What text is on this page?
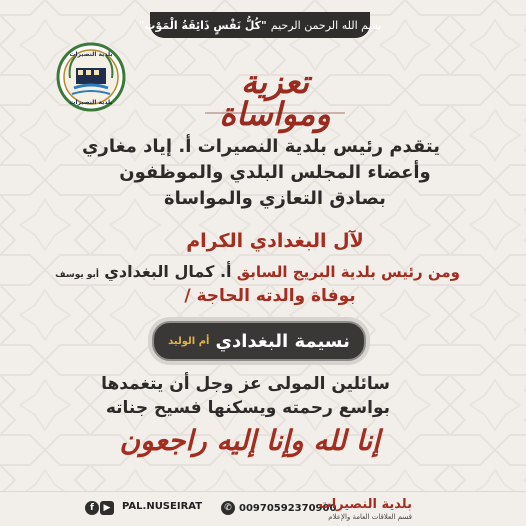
بسم الله الرحمن الرحيم
"كُلُّ نَفْسٍ ذَائِقَةُ الْمَوْتِ"
بلدية النصيرات
بلدية النصيرات
تعزية ومواساة
يتقدم رئيس بلدية النصيرات أ. إياد مغاري
وأعضاء المجلس البلدي والموظفون
بصادق التعازي والمواساة
لآل البغدادي الكرام
ومن رئيس بلدية البريج السابق أ. كمال البغدادي أبو يوسف
بوفاة والدته الحاجة /
نسيمة البغدادي
أم الوليد
سائلين المولى عز وجل أن يتغمدها
بواسع رحمته ويسكنها فسيح جناته
إنا لله وإنا إليه راجعون
f	▶	PAL.NUSEIRAT	✆ 00970592370900
بلدية النصيرات
قسم العلاقات العامة والإعلام
